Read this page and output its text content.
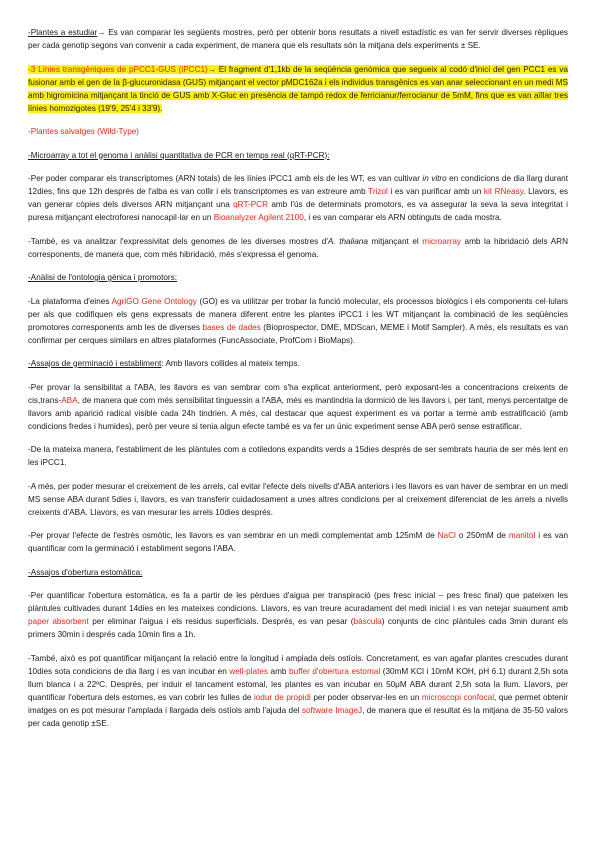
-Plantes a estudiar→ Es van comparar les següents mostres, però per obtenir bons resultats a nivell estadístic es van fer servir diverses rèpliques per cada genotip segons van convenir a cada experiment, de manera que els resultats són la mitjana dels experiments ± SE.

-3 Línies transgèniques de pPCC1-GUS (iPCC1)→ El fragment d'1,1kb de la seqüència genòmica que segueix al codó d'inici del gen PCC1 es va fusionar amb el gen de la β-glucuronidasa (GUS) mitjançant el vector pMDC162a i els individus transgènics es van anar seleccionant en un medi MS amb higromicina mitjançant la tinció de GUS amb X-Gluc en presència de tampó redox de ferricianur/ferrocianur de 5mM, fins que es van aïllar tres línies homozigotes (19'9, 25'4 i 33'9).

-Plantes salvatges (Wild-Type)

-Microarray a tot el genoma i anàlisi quantitativa de PCR en temps real (qRT-PCR):

-Per poder comparar els transcriptomes (ARN totals) de les línies iPCC1 amb els de les WT, es van cultivar in vitro en condicions de dia llarg durant 12dies, fins que 12h després de l'alba es van collir i els transcriptomes es van extreure amb Trizol i es van purificar amb un kit RNeasy. Llavors, es van generar còpies dels diversos ARN mitjançant una qRT-PCR amb l'ús de determinats promotors, es va assegurar la seva la seva integritat i puresa mitjançant electroforesi nanocapil·lar en un Bioanalyzer Agilent 2100, i es van comparar els ARN obtinguts de cada mostra.

-També, es va analitzar l'expressivitat dels genomes de les diverses mostres d'A. thaliana mitjançant el microarray amb la hibridació dels ARN corresponents, de manera que, com més hibridació, més s'expressa el genoma.

-Anàlisi de l'ontologia gènica i promotors:

-La plataforma d'eines AgriGO Gene Ontology (GO) es va utilitzar per trobar la funció molecular, els processos biològics i els components cel·lulars per als que codifiquen els gens expressats de manera diferent entre les plantes iPCC1 i les WT mitjançant la combinació de les seqüències promotores corresponents amb les de diverses bases de dades (Bioprospector, DME, MDScan, MEME i Motif Sampler). A més, els resultats es van confirmar per cerques similars en altres plataformes (FuncAssociate, ProfCom i BioMaps).

-Assajos de germinació i establiment: Amb llavors collides al mateix temps.

-Per provar la sensibilitat a l'ABA, les llavors es van sembrar com s'ha explicat anteriorment, però exposant-les a concentracions creixents de cis,trans-ABA, de manera que com més sensibilitat tinguessin a l'ABA, més es mantindria la dormició de les llavors i, per tant, menys percentatge de llavors amb aparició radical visible cada 24h tindrien. A més, cal destacar que aquest experiment es va portar a terme amb estratificació (amb condicions fredes i humides), però per veure si tenia algun efecte també es va fer un únic experiment sense ABA però sense estratificar.

-De la mateixa manera, l'establiment de les plàntules com a cotiledons expandits verds a 15dies després de ser sembrats hauria de ser més lent en les iPCC1.

-A més, per poder mesurar el creixement de les arrels, cal evitar l'efecte dels nivells d'ABA anteriors i les llavors es van haver de sembrar en un medi MS sense ABA durant 5dies i, llavors, es van transferir cuidadosament a unes altres condicions per al creixement diferenciat de les arrels a nivells creixents d'ABA. Llavors, es van mesurar les arrels 10dies després.

-Per provar l'efecte de l'estrès osmòtic, les llavors es van sembrar en un medi complementat amb 125mM de NaCl o 250mM de manitol i es van quantificar com la germinació i establiment segons l'ABA.

-Assajos d'obertura estomàtica:

-Per quantificar l'obertura estomàtica, es fa a partir de les pèrdues d'aigua per transpiració (pes fresc inicial – pes fresc final) que pateixen les plàntules cultivades durant 14dies en les mateixes condicions. Llavors, es van treure acuradament del medi inicial i es van netejar suaument amb paper absorbent per eliminar l'aigua i els residus superficials. Després, es van pesar (bàscula) conjunts de cinc plàntules cada 3min durant els primers 30min i després cada 10min fins a 1h.

-També, això es pot quantificar mitjançant la relació entre la longitud i amplada dels ostíols. Concretament, es van agafar plantes crescudes durant 10dies sota condicions de dia llarg i es van incubar en well-plates amb buffer d'obertura estomal (30mM KCl i 10mM KOH, pH 6.1) durant 2,5h sota llum blanca i a 22ºC. Després, per induir el tancament estomal, les plantes es van incubar en 50μM ABA durant 2,5h sota la llum. Llavors, per quantificar l'obertura dels estomes, es van cobrir les fulles de iodur de propidi per poder observar-les en un microscopi confocal, que permet obtenir imatges on es pot mesurar l'amplada i llargada dels ostíols amb l'ajuda del software ImageJ, de manera que el resultat és la mitjana de 35-50 valors per cada genotip ±SE.
